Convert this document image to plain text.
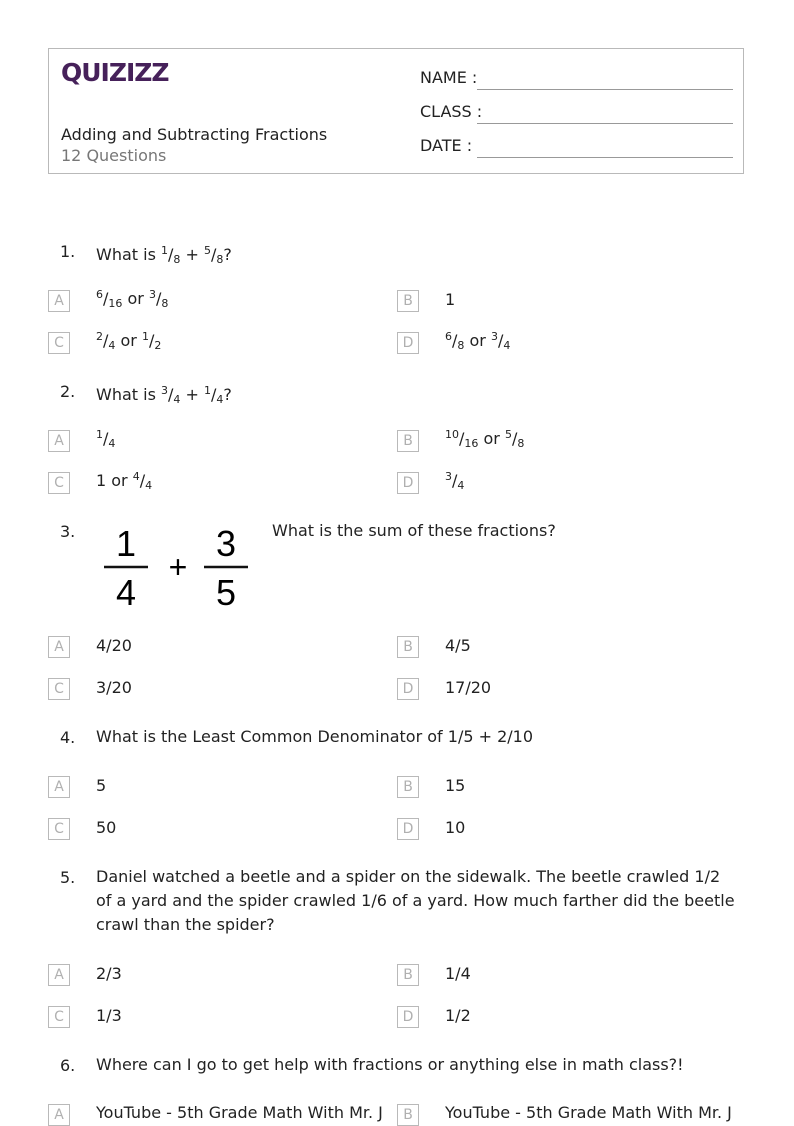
QUIZIZZ
Adding and Subtracting Fractions
12 Questions
NAME :
CLASS :
DATE :
1. What is $^1/_8 + ^5/_8$?
A	$^6/_{16}$ or $^3/_8$	B	1
C	$^2/_4$ or $^1/_2$	D	$^6/_8$ or $^3/_4$
2. What is $^3/_4 + ^1/_4$?
A	$^1/_4$	B	$^{10}/_{16}$ or $^5/_8$
C	1 or $^4/_4$	D	$^3/_4$
3. 1
4
+
3
5
What is the sum of these fractions?
A	4/20	B	4/5
C	3/20	D	17/20
4. What is the Least Common Denominator of 1/5 + 2/10
A	5	B	15
C	50	D	10
5. Daniel watched a beetle and a spider on the sidewalk. The beetle crawled 1/2 of a yard and the spider crawled 1/6 of a yard. How much farther did the beetle crawl than the spider?
A	2/3	B	1/4
C	1/3	D	1/2
6. Where can I go to get help with fractions or anything else in math class?!
A	YouTube - 5th Grade Math With Mr. J	B	YouTube - 5th Grade Math With Mr. J
